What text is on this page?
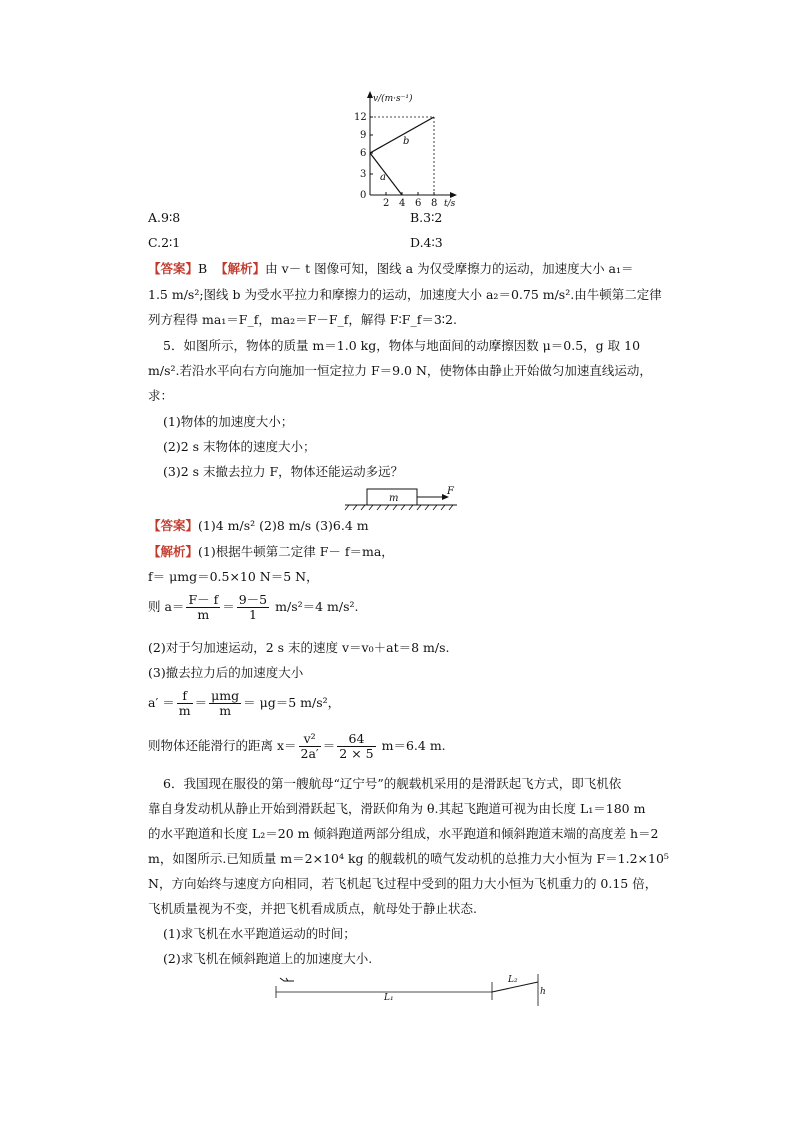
v/(m·s⁻¹)
12
9
6
3
0
2 4 6 8 t/s
b
a
A.9∶8	B.3∶2
C.2∶1	D.4∶3
【答案】B 【解析】由 v－ t 图像可知，图线 a 为仅受摩擦力的运动，加速度大小 a₁＝
1.5 m/s²;图线 b 为受水平拉力和摩擦力的运动，加速度大小 a₂＝0.75 m/s².由牛顿第二定律
列方程得 ma₁＝F_f，ma₂＝F－F_f，解得 F∶F_f＝3∶2.
5．如图所示，物体的质量 m＝1.0 kg，物体与地面间的动摩擦因数 μ＝0.5，g 取 10
m/s².若沿水平向右方向施加一恒定拉力 F＝9.0 N，使物体由静止开始做匀加速直线运动，
求：
(1)物体的加速度大小；
(2)2 s 末物体的速度大小；
(3)2 s 末撤去拉力 F，物体还能运动多远？
m
F
【答案】(1)4 m/s² (2)8 m/s (3)6.4 m
【解析】(1)根据牛顿第二定律 F－ f＝ma，
f＝ μmg＝0.5×10 N＝5 N，
则 $a= \frac{F- f}{m} = \frac{9-5}{1} m/s^2=4$ m/s².
(2)对于匀加速运动，2 s 末的速度 v＝v₀＋at＝8 m/s.
(3)撤去拉力后的加速度大小
$a' = \frac{f}{m} = \frac{\text{μmg}}{m} = \mu g=5$ m/s²，
则物体还能滑行的距离 $x= \frac{\text{v²}}{2a'} = \frac{64}{2 \times 5} m=6.4$ m.
6．我国现在服役的第一艘航母“辽宁号”的舰载机采用的是滑跃起飞方式，即飞机依
靠自身发动机从静止开始到滑跃起飞，滑跃仰角为 θ.其起飞跑道可视为由长度 L₁＝180 m
的水平跑道和长度 L₂＝20 m 倾斜跑道两部分组成，水平跑道和倾斜跑道末端的高度差 h＝2
m，如图所示.已知质量 m＝2×10⁴ kg 的舰载机的喷气发动机的总推力大小恒为 F＝1.2×10⁵
N，方向始终与速度方向相同，若飞机起飞过程中受到的阻力大小恒为飞机重力的 0.15 倍，
飞机质量视为不变，并把飞机看成质点，航母处于静止状态.
(1)求飞机在水平跑道运动的时间；
(2)求飞机在倾斜跑道上的加速度大小.
L₁
L₂
h
